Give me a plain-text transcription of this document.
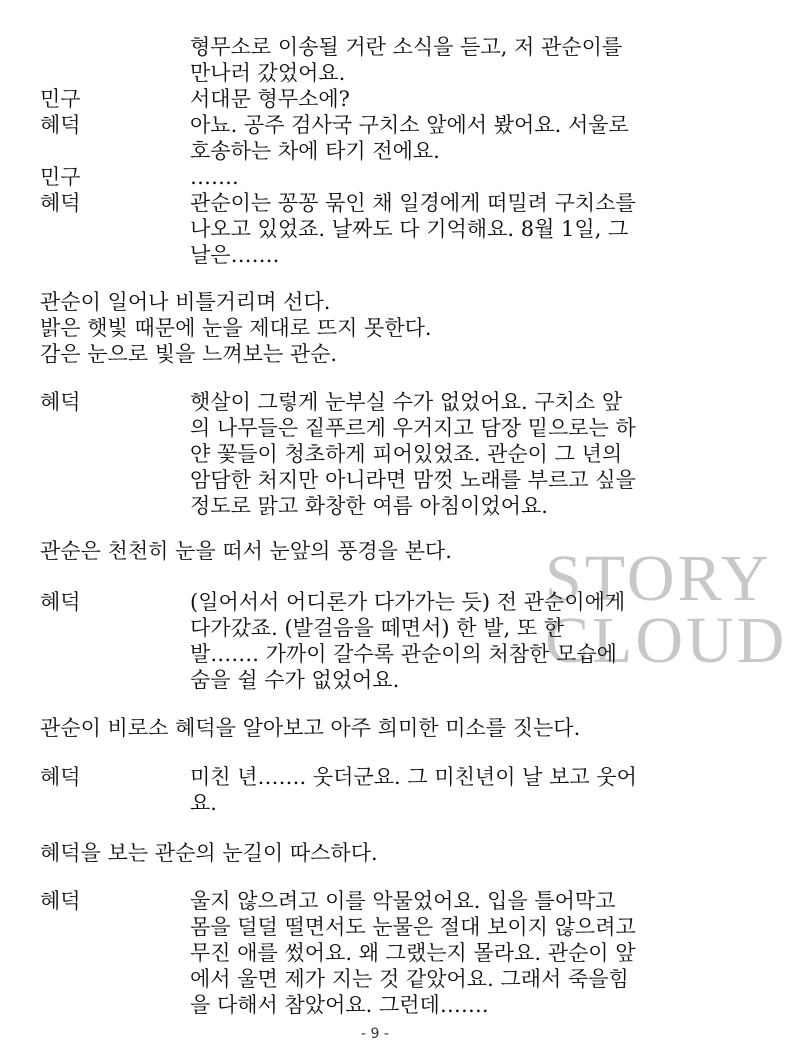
STORY
CLOUD
형무소로 이송될 거란 소식을 듣고, 저 관순이를
만나러 갔었어요.
민구	서대문 형무소에?
혜덕	아뇨. 공주 검사국 구치소 앞에서 봤어요. 서울로
호송하는 차에 타기 전에요.
민구	…….
혜덕	관순이는 꽁꽁 묶인 채 일경에게 떠밀려 구치소를
나오고 있었죠. 날짜도 다 기억해요. 8월 1일, 그
날은…….
관순이 일어나 비틀거리며 선다.
밝은 햇빛 때문에 눈을 제대로 뜨지 못한다.
감은 눈으로 빛을 느껴보는 관순.
혜덕	햇살이 그렇게 눈부실 수가 없었어요. 구치소 앞
의 나무들은 짙푸르게 우거지고 담장 밑으로는 하
얀 꽃들이 청초하게 피어있었죠. 관순이 그 년의
암담한 처지만 아니라면 맘껏 노래를 부르고 싶을
정도로 맑고 화창한 여름 아침이었어요.
관순은 천천히 눈을 떠서 눈앞의 풍경을 본다.
혜덕	(일어서서 어디론가 다가가는 듯) 전 관순이에게
다가갔죠. (발걸음을 떼면서) 한 발, 또 한
발……. 가까이 갈수록 관순이의 처참한 모습에
숨을 쉴 수가 없었어요.
관순이 비로소 혜덕을 알아보고 아주 희미한 미소를 짓는다.
혜덕	미친 년……. 웃더군요. 그 미친년이 날 보고 웃어
요.
혜덕을 보는 관순의 눈길이 따스하다.
혜덕	울지 않으려고 이를 악물었어요. 입을 틀어막고
몸을 덜덜 떨면서도 눈물은 절대 보이지 않으려고
무진 애를 썼어요. 왜 그랬는지 몰라요. 관순이 앞
에서 울면 제가 지는 것 같았어요. 그래서 죽을힘
을 다해서 참았어요. 그런데…….
- 9 -
